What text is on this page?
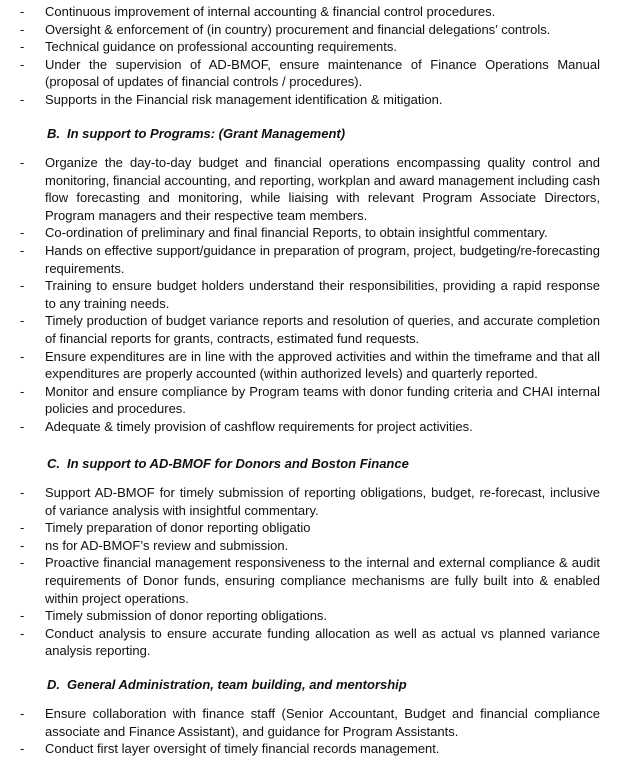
-	Continuous improvement of internal accounting & financial control procedures.
-	Oversight & enforcement of (in country) procurement and financial delegations’ controls.
-	Technical guidance on professional accounting requirements.
-	Under the supervision of AD-BMOF, ensure maintenance of Finance Operations Manual (proposal of updates of financial controls / procedures).
-	Supports in the Financial risk management identification & mitigation.
B. In support to Programs: (Grant Management)
-	Organize the day-to-day budget and financial operations encompassing quality control and monitoring, financial accounting, and reporting, workplan and award management including cash flow forecasting and monitoring, while liaising with relevant Program Associate Directors, Program managers and their respective team members.
-	Co-ordination of preliminary and final financial Reports, to obtain insightful commentary.
-	Hands on effective support/guidance in preparation of program, project, budgeting/re-forecasting requirements.
-	Training to ensure budget holders understand their responsibilities, providing a rapid response to any training needs.
-	Timely production of budget variance reports and resolution of queries, and accurate completion of financial reports for grants, contracts, estimated fund requests.
-	Ensure expenditures are in line with the approved activities and within the timeframe and that all expenditures are properly accounted (within authorized levels) and quarterly reported.
-	Monitor and ensure compliance by Program teams with donor funding criteria and CHAI internal policies and procedures.
-	Adequate & timely provision of cashflow requirements for project activities.
C. In support to AD-BMOF for Donors and Boston Finance
-	Support AD-BMOF for timely submission of reporting obligations, budget, re-forecast, inclusive of variance analysis with insightful commentary.
-	Timely preparation of donor reporting obligatio
-	ns for AD-BMOF’s review and submission.
-	Proactive financial management responsiveness to the internal and external compliance & audit requirements of Donor funds, ensuring compliance mechanisms are fully built into & enabled within project operations.
-	Timely submission of donor reporting obligations.
-	Conduct analysis to ensure accurate funding allocation as well as actual vs planned variance analysis reporting.
D. General Administration, team building, and mentorship
-	Ensure collaboration with finance staff (Senior Accountant, Budget and financial compliance associate and Finance Assistant), and guidance for Program Assistants.
-	Conduct first layer oversight of timely financial records management.
